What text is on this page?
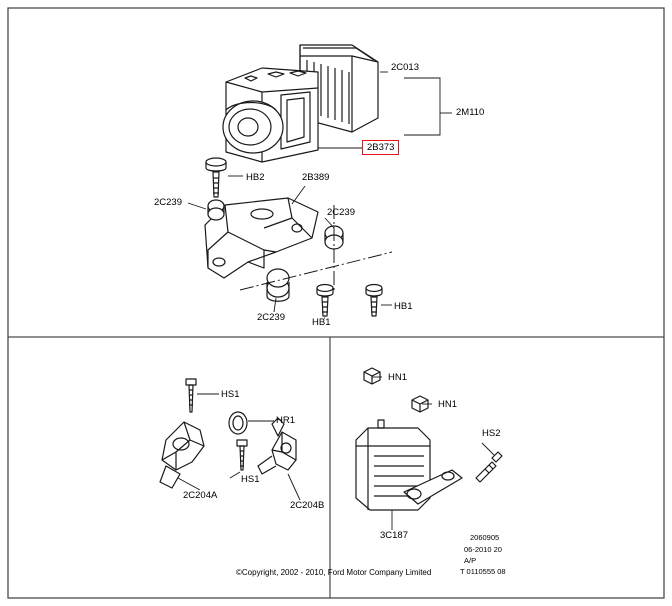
2C013
2M110
2B373
HB2	2B389
2C239
2C239
2C239	HB1
HB1
HS1
HR1
HS1
2C204A
2C204B
HN1
HN1
HS2
3C187
©Copyright, 2002 - 2010, Ford Motor Company Limited
2060905
06-2010 20
A/P
T 0110555 08
